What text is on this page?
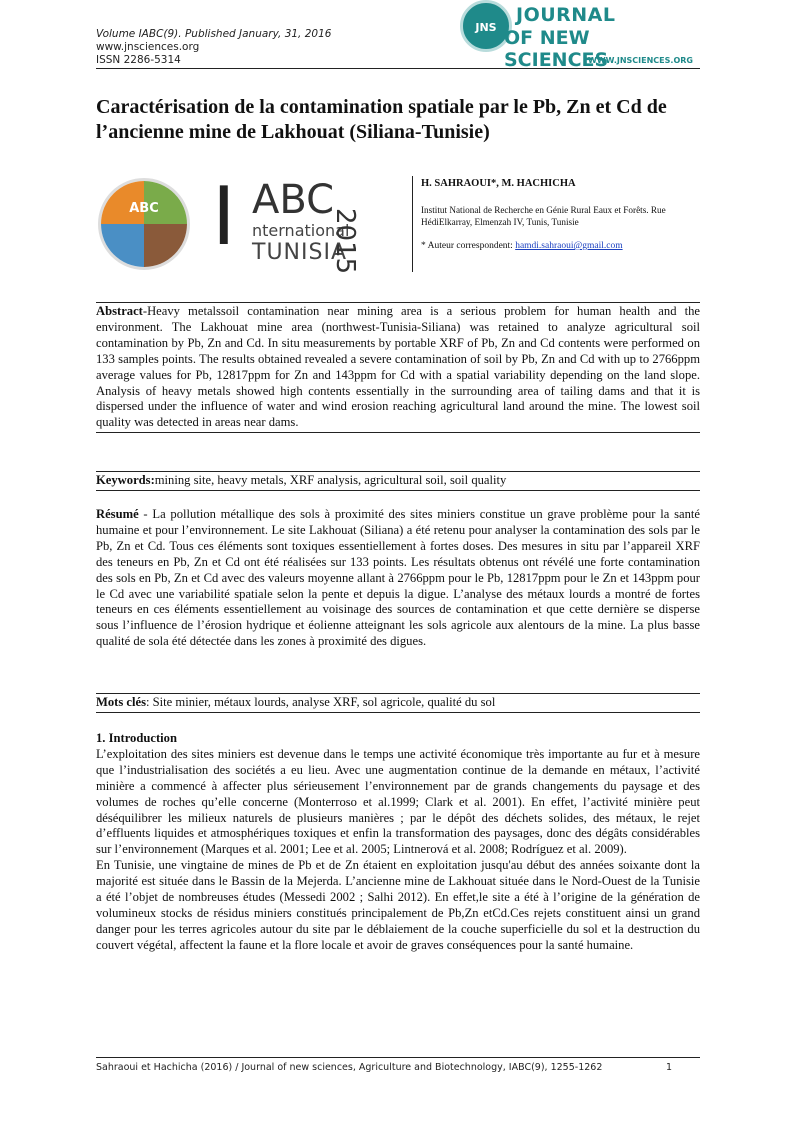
Volume IABC(9). Published January, 31, 2016
www.jnsciences.org
ISSN 2286-5314
JNS
JOURNAL
OF NEW SCIENCES
WWW.JNSCIENCES.ORG
Caractérisation de la contamination spatiale par le Pb, Zn et Cd de l’ancienne mine de Lakhouat (Siliana-Tunisie)
ABC I ABC
nternational
TUNISIA
2015
H. SAHRAOUI*, M. HACHICHA
Institut National de Recherche en Génie Rural Eaux et Forêts. Rue HédiElkarray, Elmenzah IV, Tunis, Tunisie
* Auteur correspondent: hamdi.sahraoui@gmail.com
Abstract-Heavy metalssoil contamination near mining area is a serious problem for human health and the environment. The Lakhouat mine area (northwest-Tunisia-Siliana) was retained to analyze agricultural soil contamination by Pb, Zn and Cd. In situ measurements by portable XRF of Pb, Zn and Cd contents were performed on 133 samples points. The results obtained revealed a severe contamination of soil by Pb, Zn and Cd with up to 2766ppm average values for Pb, 12817ppm for Zn and 143ppm for Cd with a spatial variability depending on the land slope. Analysis of heavy metals showed high contents essentially in the surrounding area of tailing dams and that it is dispersed under the influence of water and wind erosion reaching agricultural land around the mine. The lowest soil quality was detected in areas near dams.
Keywords:mining site, heavy metals, XRF analysis, agricultural soil, soil quality
Résumé - La pollution métallique des sols à proximité des sites miniers constitue un grave problème pour la santé humaine et pour l’environnement. Le site Lakhouat (Siliana) a été retenu pour analyser la contamination des sols par le Pb, Zn et Cd. Tous ces éléments sont toxiques essentiellement à fortes doses. Des mesures in situ par l’appareil XRF des teneurs en Pb, Zn et Cd ont été réalisées sur 133 points. Les résultats obtenus ont révélé une forte contamination des sols en Pb, Zn et Cd avec des valeurs moyenne allant à 2766ppm pour le Pb, 12817ppm pour le Zn et 143ppm pour le Cd avec une variabilité spatiale selon la pente et depuis la digue. L’analyse des métaux lourds a montré de fortes teneurs en ces éléments essentiellement au voisinage des sources de contamination et que cette dernière se disperse sous l’influence de l’érosion hydrique et éolienne atteignant les sols agricole aux alentours de la mine. La plus basse qualité de sola été détectée dans les zones à proximité des digues.
Mots clés: Site minier, métaux lourds, analyse XRF, sol agricole, qualité du sol
1. Introduction
L’exploitation des sites miniers est devenue dans le temps une activité économique très importante au fur et à mesure que l’industrialisation des sociétés a eu lieu. Avec une augmentation continue de la demande en métaux, l’activité minière a commencé à affecter plus sérieusement l’environnement par de grands changements du paysage et des volumes de roches qu’elle concerne (Monterroso et al.1999; Clark et al. 2001). En effet, l’activité minière peut déséquilibrer les milieux naturels de plusieurs manières ; par le dépôt des déchets solides, des métaux, le rejet d’effluents liquides et atmosphériques toxiques et enfin la transformation des paysages, donc des dégâts considérables sur l’environnement (Marques et al. 2001; Lee et al. 2005; Lintnerová et al. 2008; Rodríguez et al. 2009).
En Tunisie, une vingtaine de mines de Pb et de Zn étaient en exploitation jusqu'au début des années soixante dont la majorité est située dans le Bassin de la Mejerda. L’ancienne mine de Lakhouat située dans le Nord-Ouest de la Tunisie a été l’objet de nombreuses études (Messedi 2002 ; Salhi 2012). En effet,le site a été à l’origine de la génération de volumineux stocks de résidus miniers constitués principalement de Pb,Zn etCd.Ces rejets constituent ainsi un grand danger pour les terres agricoles autour du site par le déblaiement de la couche superficielle du sol et la destruction du couvert végétal, affectent la faune et la flore locale et avoir de graves conséquences pour la santé humaine.
Sahraoui et Hachicha (2016) / Journal of new sciences, Agriculture and Biotechnology, IABC(9), 1255-1262	1
